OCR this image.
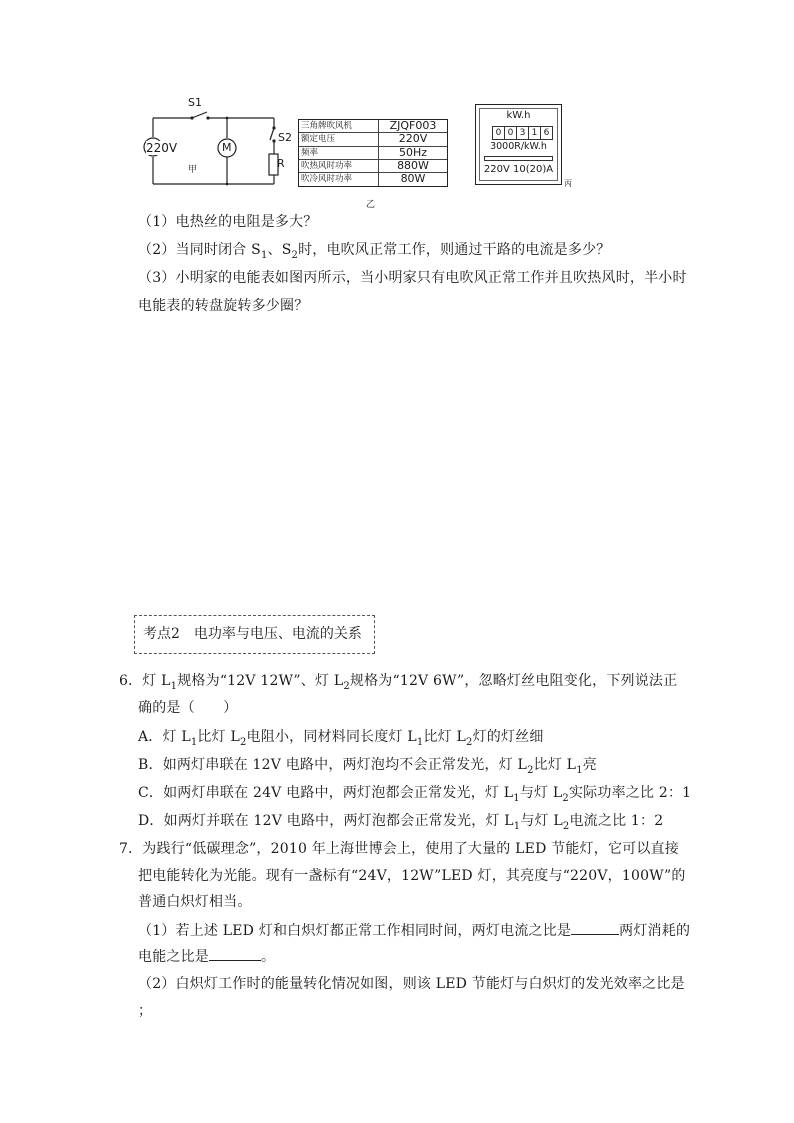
S1
220V	M
S2
R
甲
三角牌吹风机	ZJQF003
额定电压	220V
频率	50Hz
吹热风时功率	880W
吹冷风时功率	80W
乙
kW.h
0 0 3 1 6
3000R/kW.h
220V 10(20)A
丙
（1）电热丝的电阻是多大？
（2）当同时闭合 $S_1$、$S_2$时，电吹风正常工作，则通过干路的电流是多少？
（3）小明家的电能表如图丙所示，当小明家只有电吹风正常工作并且吹热风时，半小时
电能表的转盘旋转多少圈？
考点2　电功率与电压、电流的关系
6．灯 $L_1$规格为“12V 12W”、灯 $L_2$规格为“12V 6W”，忽略灯丝电阻变化，下列说法正
确的是（　　）
A．灯 $L_1$比灯 $L_2$电阻小，同材料同长度灯 $L_1$比灯 $L_2$灯的灯丝细
B．如两灯串联在 12V 电路中，两灯泡均不会正常发光，灯 $L_2$比灯 $L_1$亮
C．如两灯串联在 24V 电路中，两灯泡都会正常发光，灯 $L_1$与灯 $L_2$实际功率之比 2：1
D．如两灯并联在 12V 电路中，两灯泡都会正常发光，灯 $L_1$与灯 $L_2$电流之比 1：2
7．为践行“低碳理念”，2010 年上海世博会上，使用了大量的 LED 节能灯，它可以直接
把电能转化为光能。现有一盏标有“24V，12W”LED 灯，其亮度与“220V，100W”的
普通白炽灯相当。
（1）若上述 LED 灯和白炽灯都正常工作相同时间，两灯电流之比是	两灯消耗的
电能之比是	。
（2）白炽灯工作时的能量转化情况如图，则该 LED 节能灯与白炽灯的发光效率之比是
；
